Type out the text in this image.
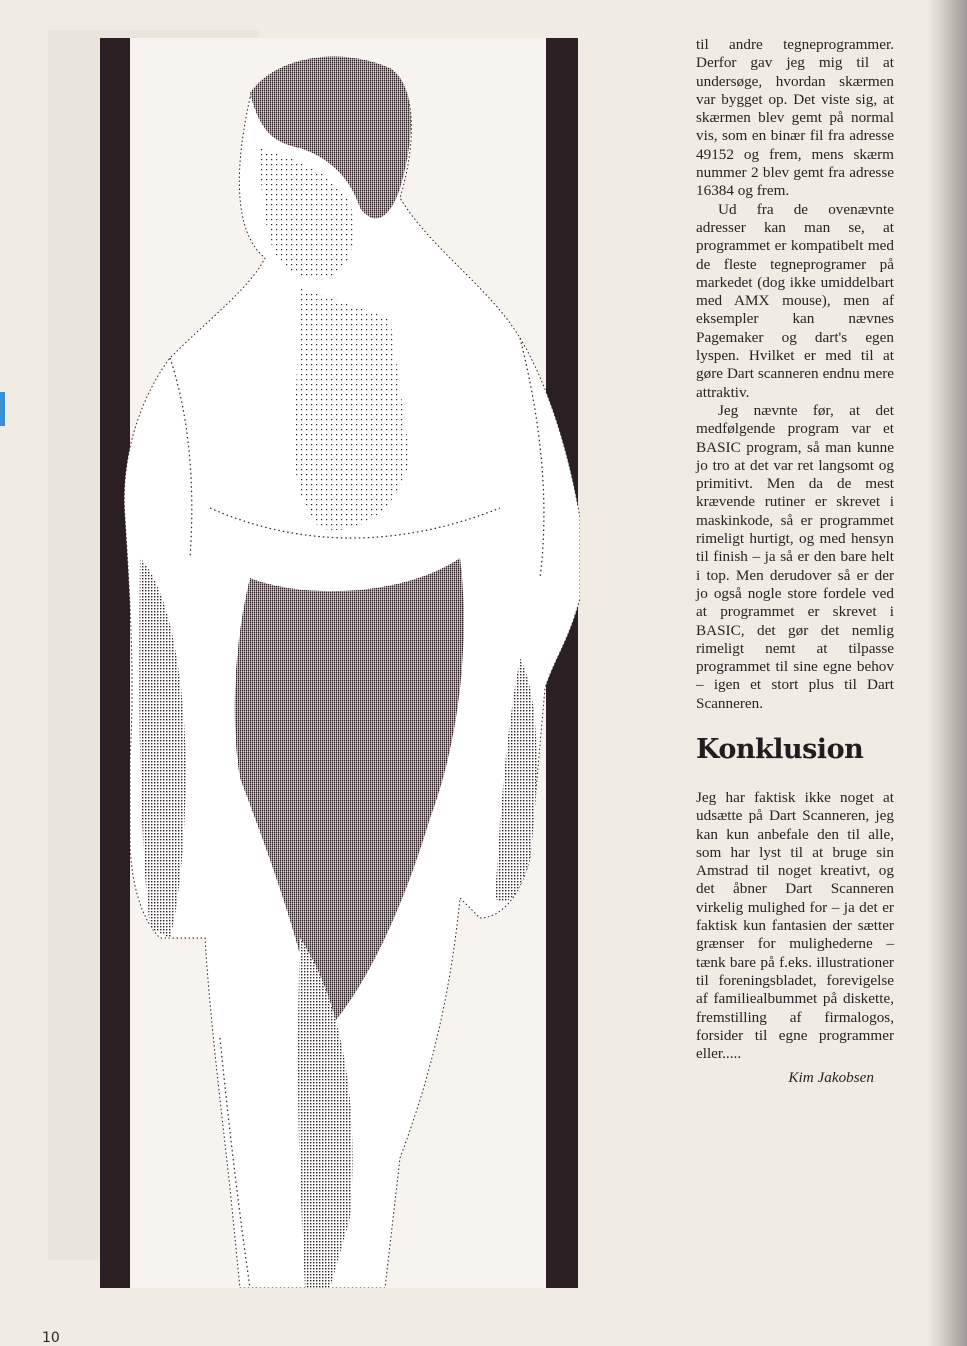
til andre tegneprogrammer. Derfor gav jeg mig til at undersøge, hvordan skærmen var bygget op. Det viste sig, at skærmen blev gemt på normal vis, som en binær fil fra adresse 49152 og frem, mens skærm nummer 2 blev gemt fra adresse 16384 og frem.

Ud fra de ovenævnte adresser kan man se, at programmet er kompatibelt med de fleste tegneprogramer på markedet (dog ikke umiddelbart med AMX mouse), men af eksempler kan nævnes Pagemaker og dart's egen lyspen. Hvilket er med til at gøre Dart scanneren endnu mere attraktiv.

Jeg nævnte før, at det medfølgende program var et BASIC program, så man kunne jo tro at det var ret langsomt og primitivt. Men da de mest krævende rutiner er skrevet i maskinkode, så er programmet rimeligt hurtigt, og med hensyn til finish – ja så er den bare helt i top. Men derudover så er der jo også nogle store fordele ved at programmet er skrevet i BASIC, det gør det nemlig rimeligt nemt at tilpasse programmet til sine egne behov – igen et stort plus til Dart Scanneren.

Konklusion

Jeg har faktisk ikke noget at udsætte på Dart Scanneren, jeg kan kun anbefale den til alle, som har lyst til at bruge sin Amstrad til noget kreativt, og det åbner Dart Scanneren virkelig mulighed for – ja det er faktisk kun fantasien der sætter grænser for mulighederne – tænk bare på f.eks. illustrationer til foreningsbladet, forevigelse af familiealbummet på diskette, fremstilling af firmalogos, forsider til egne programmer eller.....

Kim Jakobsen

10
